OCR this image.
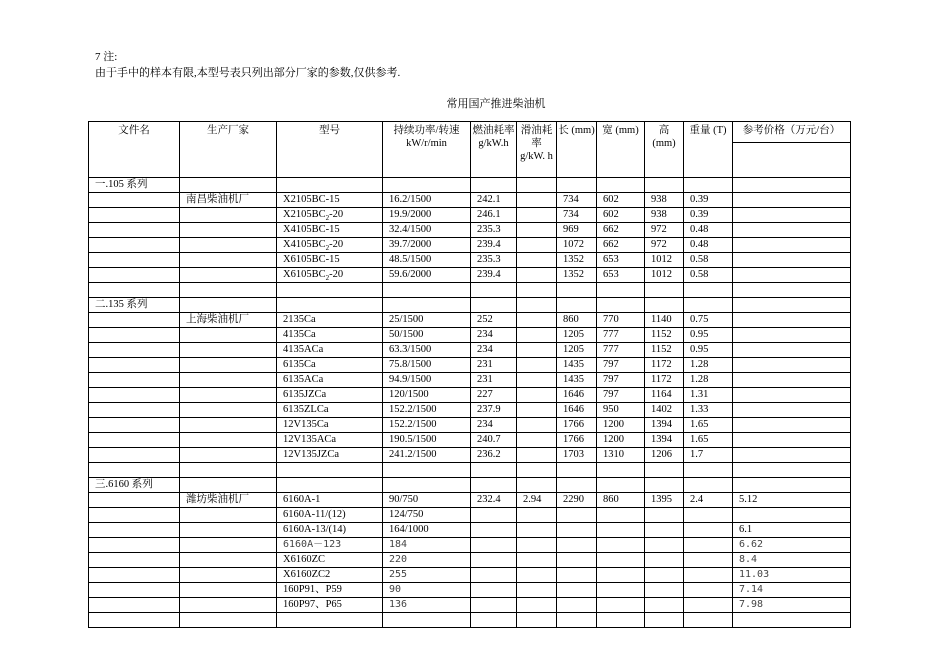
7 注:
由于手中的样本有限,本型号表只列出部分厂家的参数,仅供参考.
常用国产推进柴油机
文件名	生产厂家	型号	持续功率/转速 kW/r/min	燃油耗率 g/kW.h	滑油耗率 g/kW. h	长 (mm)	宽 (mm)	高 (mm)	重量 (T)	参考价格（万元/台）

一.105 系列										
	南昌柴油机厂	X2105BC-15	16.2/1500	242.1		734	602	938	0.39	
		$X2105BC_2-20$	19.9/2000	246.1		734	602	938	0.39	
		X4105BC-15	32.4/1500	235.3		969	662	972	0.48	
		$X4105BC_2-20$	39.7/2000	239.4		1072	662	972	0.48	
		X6105BC-15	48.5/1500	235.3		1352	653	1012	0.58	
		$X6105BC_2-20$	59.6/2000	239.4		1352	653	1012	0.58	

二.135 系列										
	上海柴油机厂	2135Ca	25/1500	252		860	770	1140	0.75	
		4135Ca	50/1500	234		1205	777	1152	0.95	
		4135ACa	63.3/1500	234		1205	777	1152	0.95	
		6135Ca	75.8/1500	231		1435	797	1172	1.28	
		6135ACa	94.9/1500	231		1435	797	1172	1.28	
		6135JZCa	120/1500	227		1646	797	1164	1.31	
		6135ZLCa	152.2/1500	237.9		1646	950	1402	1.33	
		12V135Ca	152.2/1500	234		1766	1200	1394	1.65	
		12V135ACa	190.5/1500	240.7		1766	1200	1394	1.65	
		12V135JZCa	241.2/1500	236.2		1703	1310	1206	1.7	

三.6160 系列										
	潍坊柴油机厂	6160A-1	90/750	232.4	2.94	2290	860	1395	2.4	5.12
		6160A-11/(12)	124/750							
		6160A-13/(14)	164/1000							6.1
		6160A－123	184							6.62
		X6160ZC	220							8.4
		X6160ZC2	255							11.03
		160P91、P59	90							7.14
		160P97、P65	136							7.98
